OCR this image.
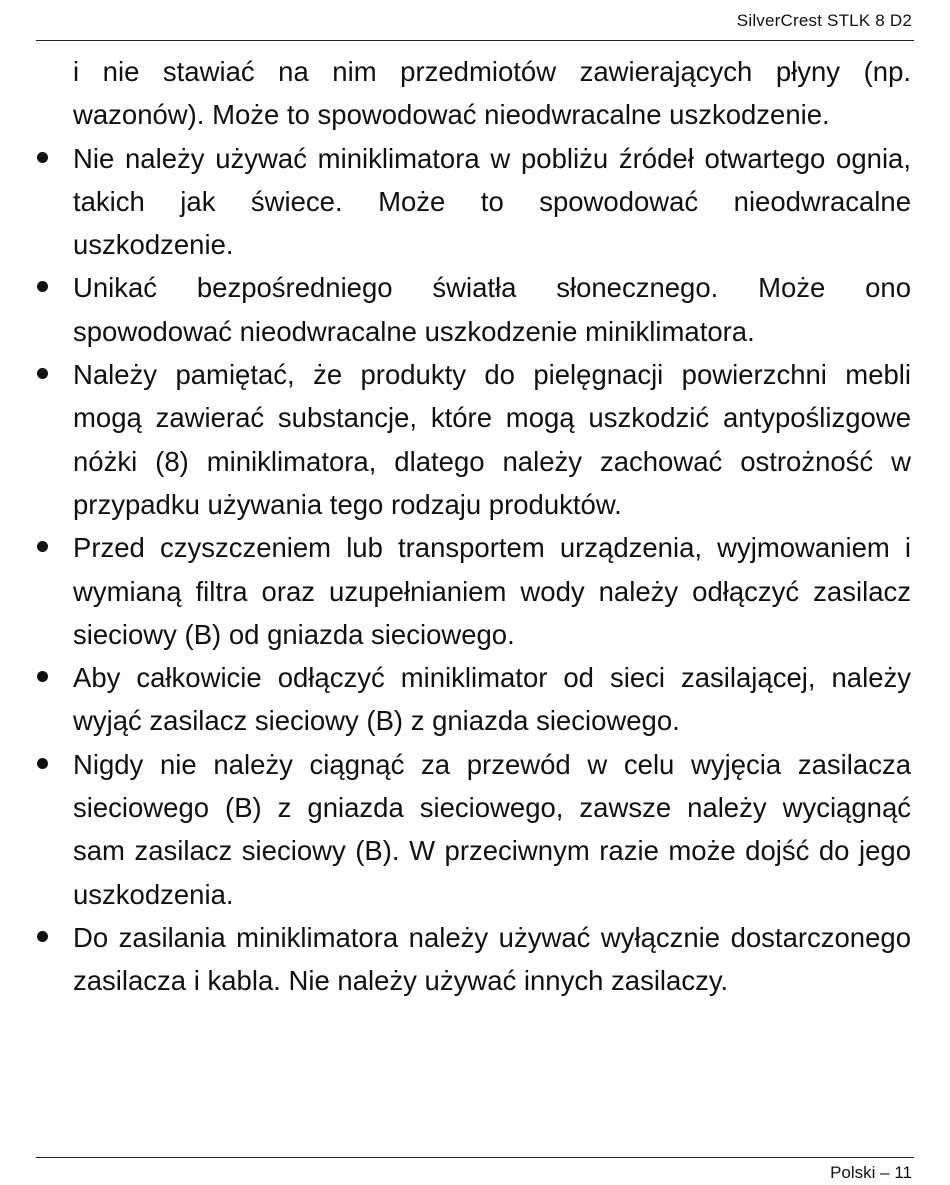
SilverCrest STLK 8 D2

i nie stawiać na nim przedmiotów zawierających płyny (np. wazonów). Może to spowodować nieodwracalne uszkodzenie.

Nie należy używać miniklimatora w pobliżu źródeł otwartego ognia, takich jak świece. Może to spowodować nieodwracalne uszkodzenie.
Unikać bezpośredniego światła słonecznego. Może ono spowodować nieodwracalne uszkodzenie miniklimatora.
Należy pamiętać, że produkty do pielęgnacji powierzchni mebli mogą zawierać substancje, które mogą uszkodzić antypoślizgowe nóżki (8) miniklimatora, dlatego należy zachować ostrożność w przypadku używania tego rodzaju produktów.
Przed czyszczeniem lub transportem urządzenia, wyjmowaniem i wymianą filtra oraz uzupełnianiem wody należy odłączyć zasilacz sieciowy (B) od gniazda sieciowego.
Aby całkowicie odłączyć miniklimator od sieci zasilającej, należy wyjąć zasilacz sieciowy (B) z gniazda sieciowego.
Nigdy nie należy ciągnąć za przewód w celu wyjęcia zasilacza sieciowego (B) z gniazda sieciowego, zawsze należy wyciągnąć sam zasilacz sieciowy (B). W przeciwnym razie może dojść do jego uszkodzenia.
Do zasilania miniklimatora należy używać wyłącznie dostarczonego zasilacza i kabla. Nie należy używać innych zasilaczy.
Polski – 11
